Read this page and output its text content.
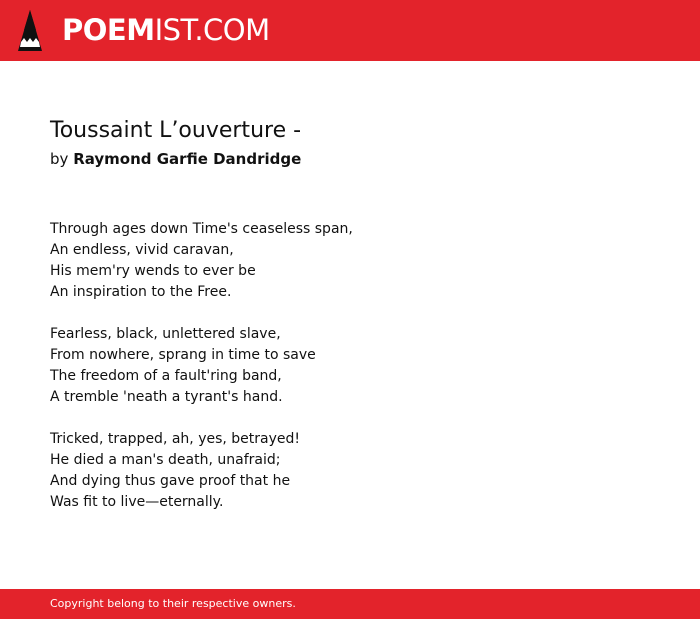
POEMIST.COM
Toussaint L’ouverture -
by Raymond Garfie Dandridge
Through ages down Time's ceaseless span,
An endless, vivid caravan,
His mem'ry wends to ever be
An inspiration to the Free.
Fearless, black, unlettered slave,
From nowhere, sprang in time to save
The freedom of a fault'ring band,
A tremble 'neath a tyrant's hand.
Tricked, trapped, ah, yes, betrayed!
He died a man's death, unafraid;
And dying thus gave proof that he
Was fit to live—eternally.
Copyright belong to their respective owners.
